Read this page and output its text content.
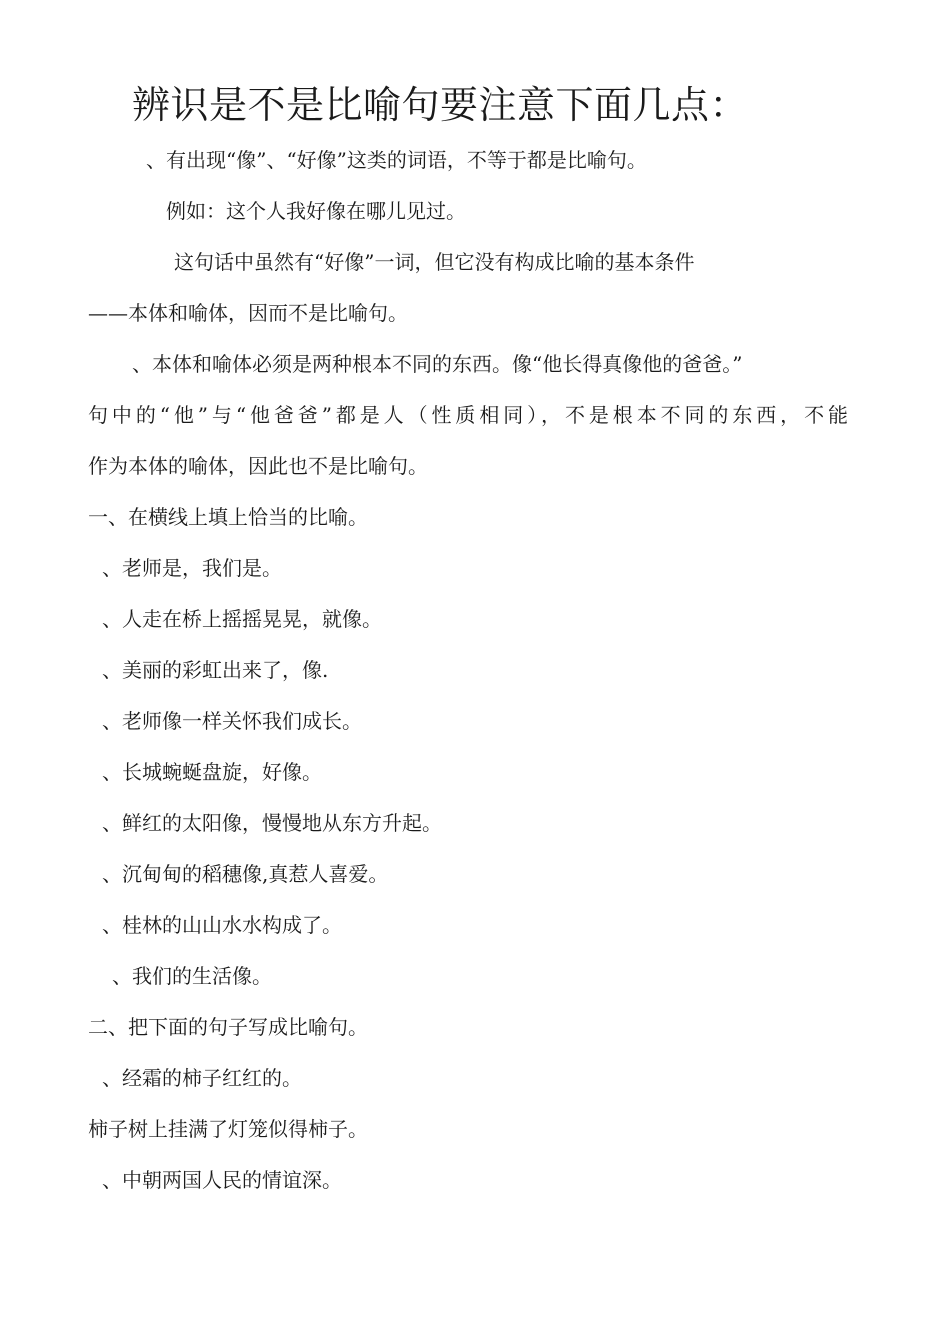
辨识是不是比喻句要注意下面几点：
、有出现“像”、“好像”这类的词语，不等于都是比喻句。
例如：这个人我好像在哪儿见过。
这句话中虽然有“好像”一词，但它没有构成比喻的基本条件
——本体和喻体，因而不是比喻句。
、本体和喻体必须是两种根本不同的东西。像“他长得真像他的爸爸。”
句中的“他”与“他爸爸”都是人（性质相同），不是根本不同的东西，不能
作为本体的喻体，因此也不是比喻句。
一、在横线上填上恰当的比喻。
、老师是，我们是。
、人走在桥上摇摇晃晃，就像。
、美丽的彩虹出来了，像.
、老师像一样关怀我们成长。
、长城蜿蜒盘旋，好像。
、鲜红的太阳像，慢慢地从东方升起。
、沉甸甸的稻穗像,真惹人喜爱。
、桂林的山山水水构成了。
、我们的生活像。
二、把下面的句子写成比喻句。
、经霜的柿子红红的。
柿子树上挂满了灯笼似得柿子。
、中朝两国人民的情谊深。
